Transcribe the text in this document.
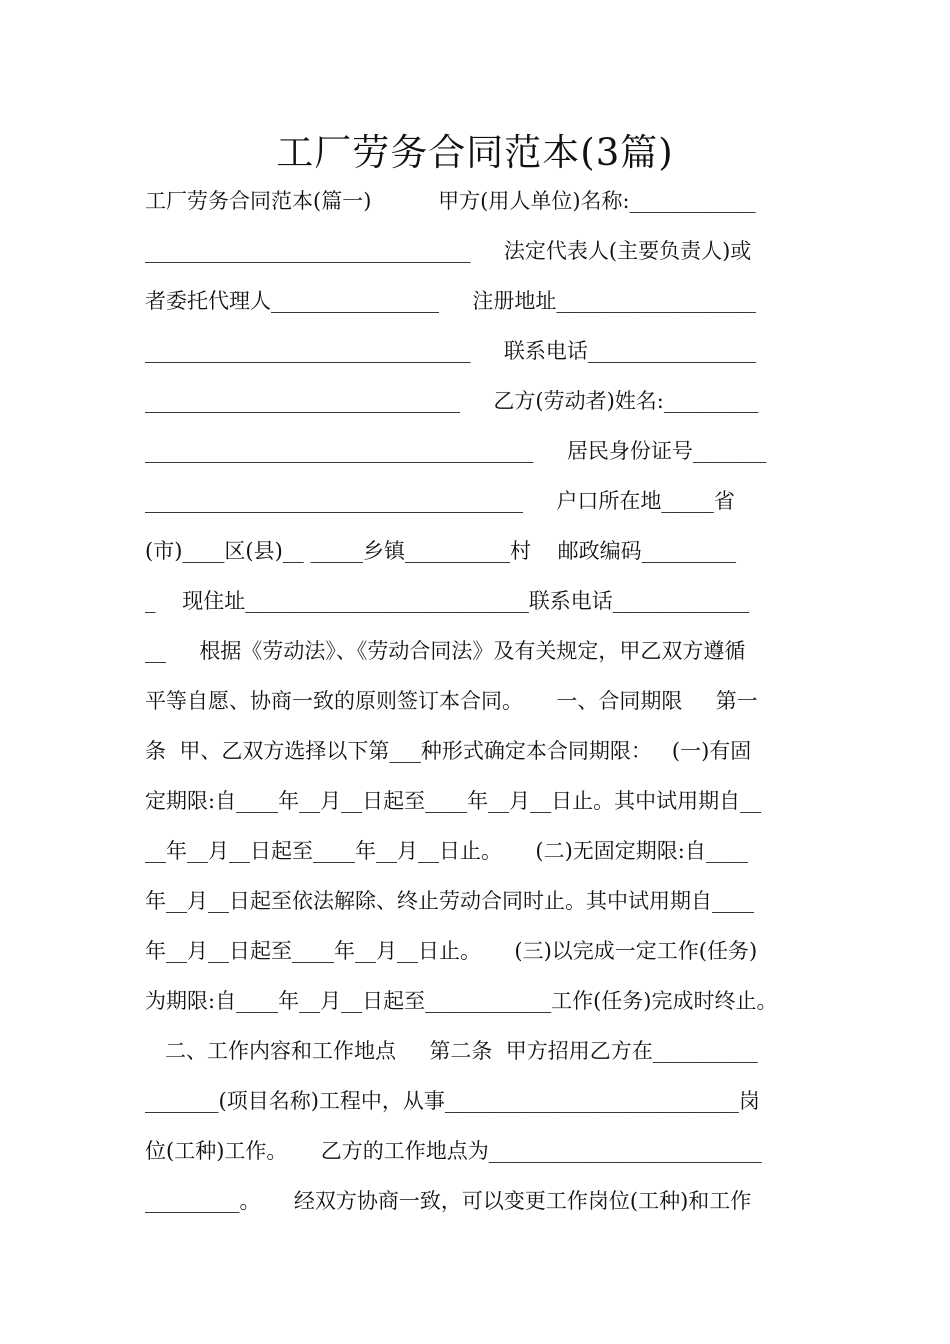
工厂劳务合同范本(3篇)
工厂劳务合同范本(篇一)          甲方(用人单位)名称:____________
_______________________________     法定代表人(主要负责人)或
者委托代理人________________     注册地址___________________
_______________________________     联系电话________________
______________________________     乙方(劳动者)姓名:_________
_____________________________________     居民身份证号_______
____________________________________     户口所在地_____省
(市)____区(县)__ _____乡镇__________村    邮政编码_________
_    现住址___________________________联系电话_____________
__     根据《劳动法》、《劳动合同法》及有关规定，甲乙双方遵循
平等自愿、协商一致的原则签订本合同。     一、合同期限     第一
条  甲、乙双方选择以下第___种形式确定本合同期限：   (一)有固
定期限:自____年__月__日起至____年__月__日止。其中试用期自__
__年__月__日起至____年__月__日止。     (二)无固定期限:自____
年__月__日起至依法解除、终止劳动合同时止。其中试用期自____
年__月__日起至____年__月__日止。     (三)以完成一定工作(任务)
为期限:自____年__月__日起至____________工作(任务)完成时终止。
二、工作内容和工作地点     第二条  甲方招用乙方在__________
_______(项目名称)工程中，从事____________________________岗
位(工种)工作。     乙方的工作地点为__________________________
_________。     经双方协商一致，可以变更工作岗位(工种)和工作
